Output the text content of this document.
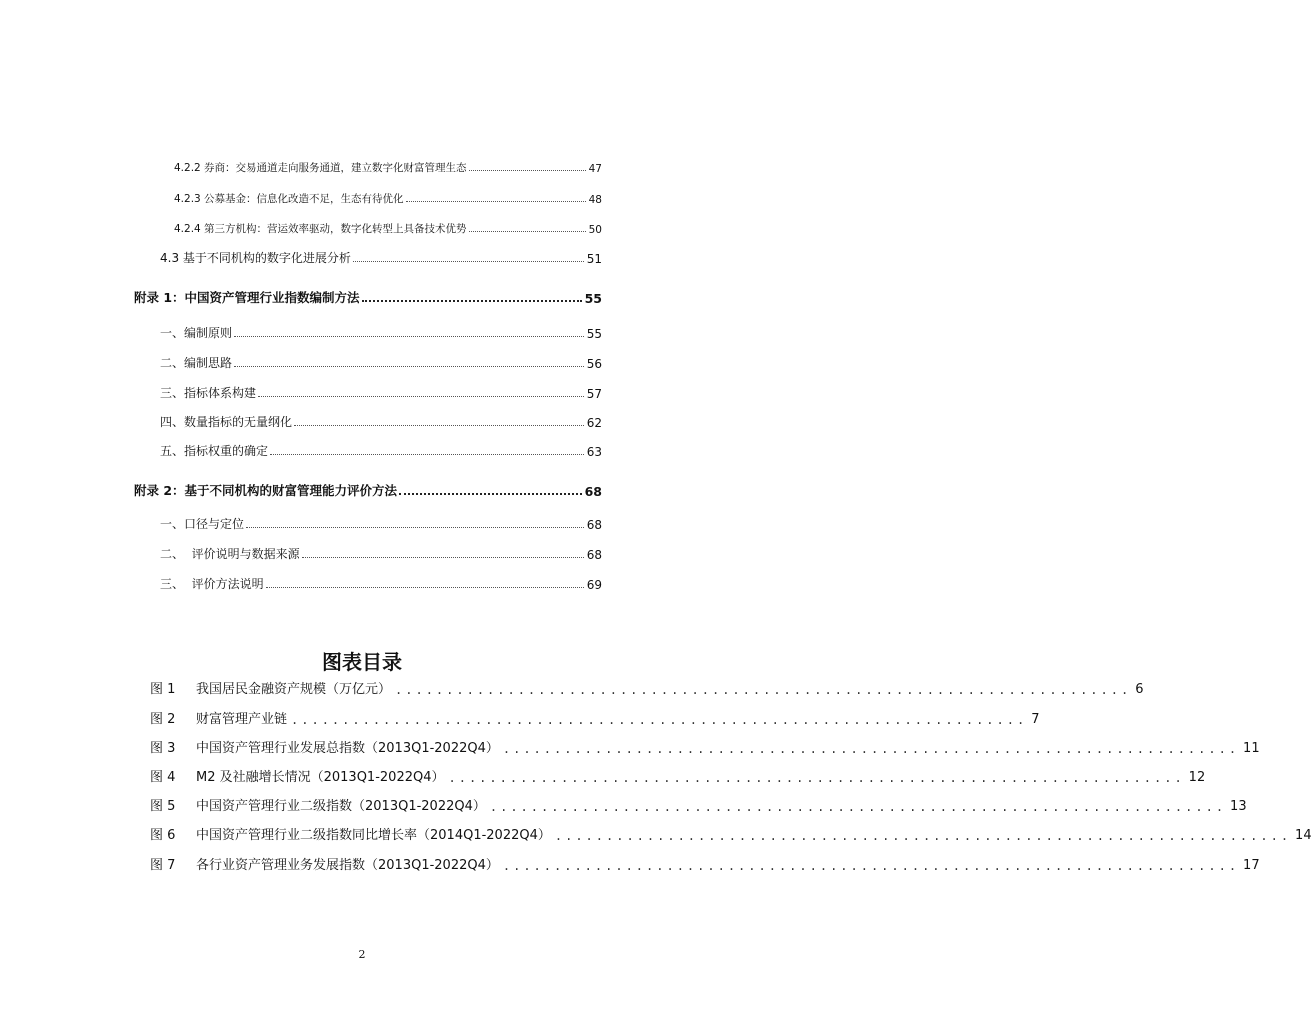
4.2.2 券商：交易通道走向服务通道，建立数字化财富管理生态	47
4.2.3 公募基金：信息化改造不足，生态有待优化	48
4.2.4 第三方机构：营运效率驱动，数字化转型上具备技术优势	50
4.3 基于不同机构的数字化进展分析	51
附录 1：中国资产管理行业指数编制方法	55
一、编制原则	55
二、编制思路	56
三、指标体系构建	57
四、数量指标的无量纲化	62
五、指标权重的确定	63
附录 2：基于不同机构的财富管理能力评价方法	68
一、口径与定位	68
二、  评价说明与数据来源	68
三、  评价方法说明	69
图表目录
图 1	我国居民金融资产规模（万亿元） ........................................................................ 6
图 2	财富管理产业链 ........................................................................ 7
图 3	中国资产管理行业发展总指数（2013Q1-2022Q4） ........................................................................ 11
图 4	M2 及社融增长情况（2013Q1-2022Q4） ........................................................................ 12
图 5	中国资产管理行业二级指数（2013Q1-2022Q4） ........................................................................ 13
图 6	中国资产管理行业二级指数同比增长率（2014Q1-2022Q4） ........................................................................ 14
图 7	各行业资产管理业务发展指数（2013Q1-2022Q4） ........................................................................ 17
2
